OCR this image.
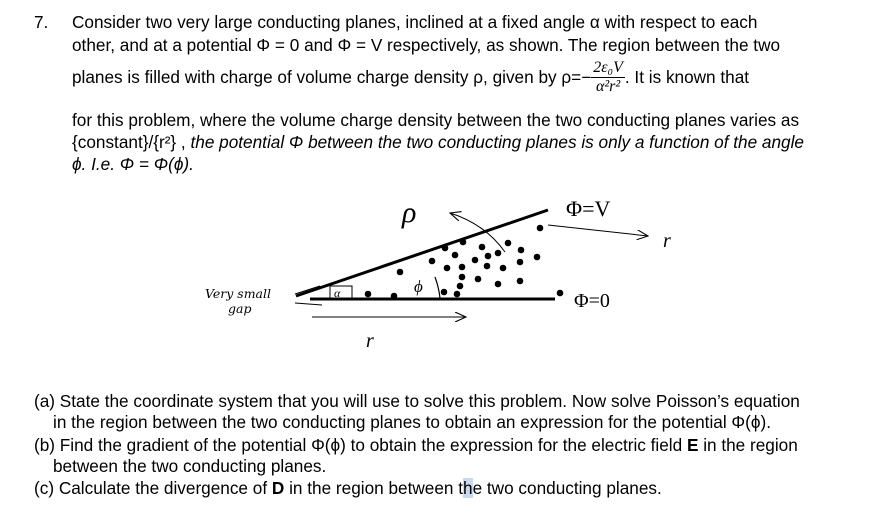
7. Consider two very large conducting planes, inclined at a fixed angle α with respect to each
other, and at a potential Φ = 0 and Φ = V respectively, as shown. The region between the two
planes is filled with charge of volume charge density ρ, given by $\rho=- \frac{\text{2ε₀V}}{\text{α²r²}}$ . It is known that
for this problem, where the volume charge density between the two conducting planes varies as
{constant}/{r²} , the potential Φ between the two conducting planes is only a function of the angle
ϕ. I.e. Φ = Φ(ϕ).
ρ	Φ=V
Φ=0
r
r
α	ϕ
Very small
gap
(a) State the coordinate system that you will use to solve this problem. Now solve Poisson’s equation
in the region between the two conducting planes to obtain an expression for the potential Φ(ϕ).
(b) Find the gradient of the potential Φ(ϕ) to obtain the expression for the electric field E in the region
between the two conducting planes.
(c) Calculate the divergence of D in the region between the two conducting planes.
